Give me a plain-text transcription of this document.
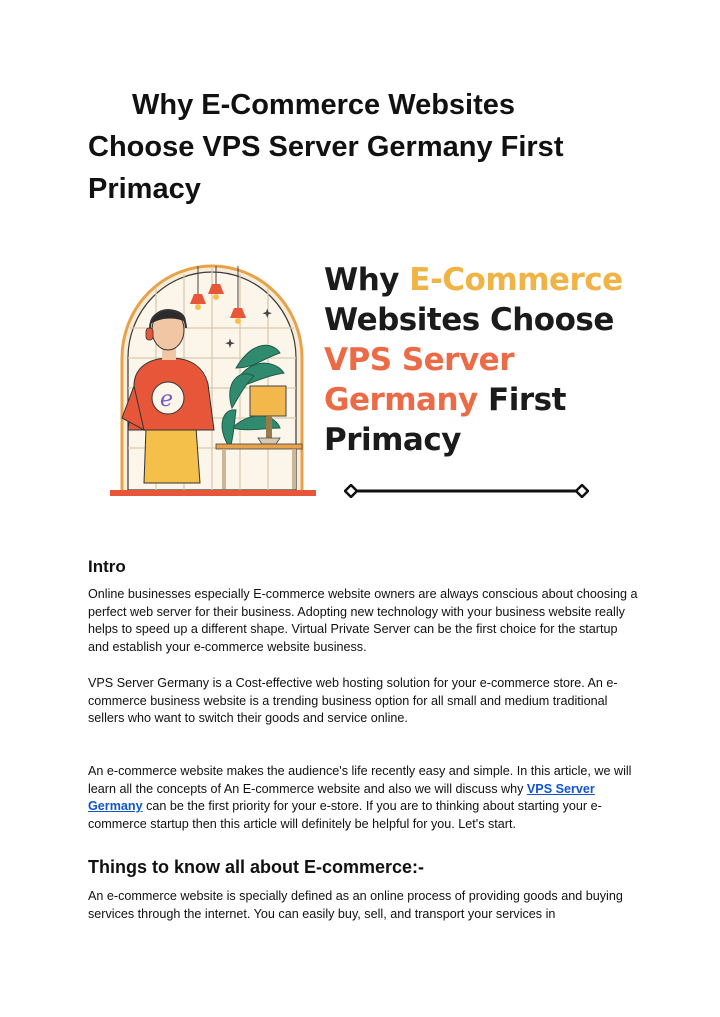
Why E-Commerce Websites
Choose VPS Server Germany First
Primacy
e
Why E-Commerce
Websites Choose
VPS Server
Germany First
Primacy
Intro

Online businesses especially E-commerce website owners are always conscious about choosing a perfect web server for their business. Adopting new technology with your business website really helps to speed up a different shape. Virtual Private Server can be the first choice for the startup and establish your e-commerce website business.

VPS Server Germany is a Cost-effective web hosting solution for your e-commerce store. An e-commerce business website is a trending business option for all small and medium traditional sellers who want to switch their goods and service online.

An e-commerce website makes the audience's life recently easy and simple. In this article, we will learn all the concepts of An E-commerce website and also we will discuss why VPS Server Germany can be the first priority for your e-store. If you are to thinking about starting your e-commerce startup then this article will definitely be helpful for you. Let's start.

Things to know all about E-commerce:-

An e-commerce website is specially defined as an online process of providing goods and buying services through the internet. You can easily buy, sell, and transport your services in
